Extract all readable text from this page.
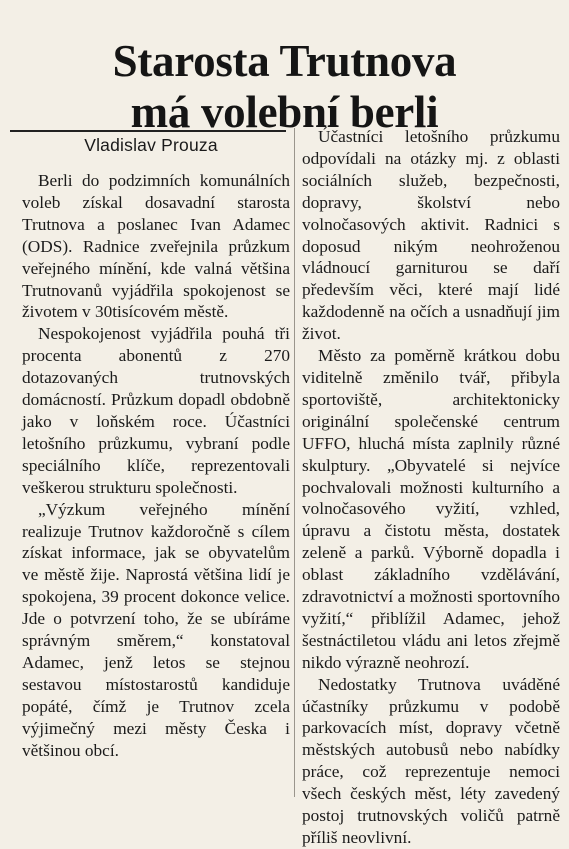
Starosta Trutnova
má volební berli
Vladislav Prouza

Berli do podzimních komunálních voleb získal dosavadní starosta Trutnova a poslanec Ivan Adamec (ODS). Radnice zveřejnila průzkum veřejného mínění, kde valná většina Trutnovanů vyjádřila spokojenost se životem v 30tisícovém městě.

Nespokojenost vyjádřila pouhá tři procenta abonentů z 270 dotazovaných trutnovských domácností. Průzkum dopadl obdobně jako v loňském roce. Účastníci letošního průzkumu, vybraní podle speciálního klíče, reprezentovali veškerou strukturu společnosti.

„Výzkum veřejného mínění realizuje Trutnov každoročně s cílem získat informace, jak se obyvatelům ve městě žije. Naprostá většina lidí je spokojena, 39 procent dokonce velice. Jde o potvrzení toho, že se ubíráme správným směrem,“ konstatoval Adamec, jenž letos se stejnou sestavou místostarostů kandiduje popáté, čímž je Trutnov zcela výjimečný mezi městy Česka i většinou obcí.

Účastníci letošního průzkumu odpovídali na otázky mj. z oblasti sociálních služeb, bezpečnosti, dopravy, školství nebo volnočasových aktivit. Radnici s doposud nikým neohroženou vládnoucí garniturou se daří především věci, které mají lidé každodenně na očích a usnadňují jim život.

Město za poměrně krátkou dobu viditelně změnilo tvář, přibyla sportoviště, architektonicky originální společenské centrum UFFO, hluchá místa zaplnily různé skulptury. „Obyvatelé si nejvíce pochvalovali možnosti kulturního a volnočasového vyžití, vzhled, úpravu a čistotu města, dostatek zeleně a parků. Výborně dopadla i oblast základního vzdělávání, zdravotnictví a možnosti sportovního vyžití,“ přiblížil Adamec, jehož šestnáctiletou vládu ani letos zřejmě nikdo výrazně neohrozí.

Nedostatky Trutnova uváděné účastníky průzkumu v podobě parkovacích míst, dopravy včetně městských autobusů nebo nabídky práce, což reprezentuje nemoci všech českých měst, léty zavedený postoj trutnovských voličů patrně příliš neovlivní.
